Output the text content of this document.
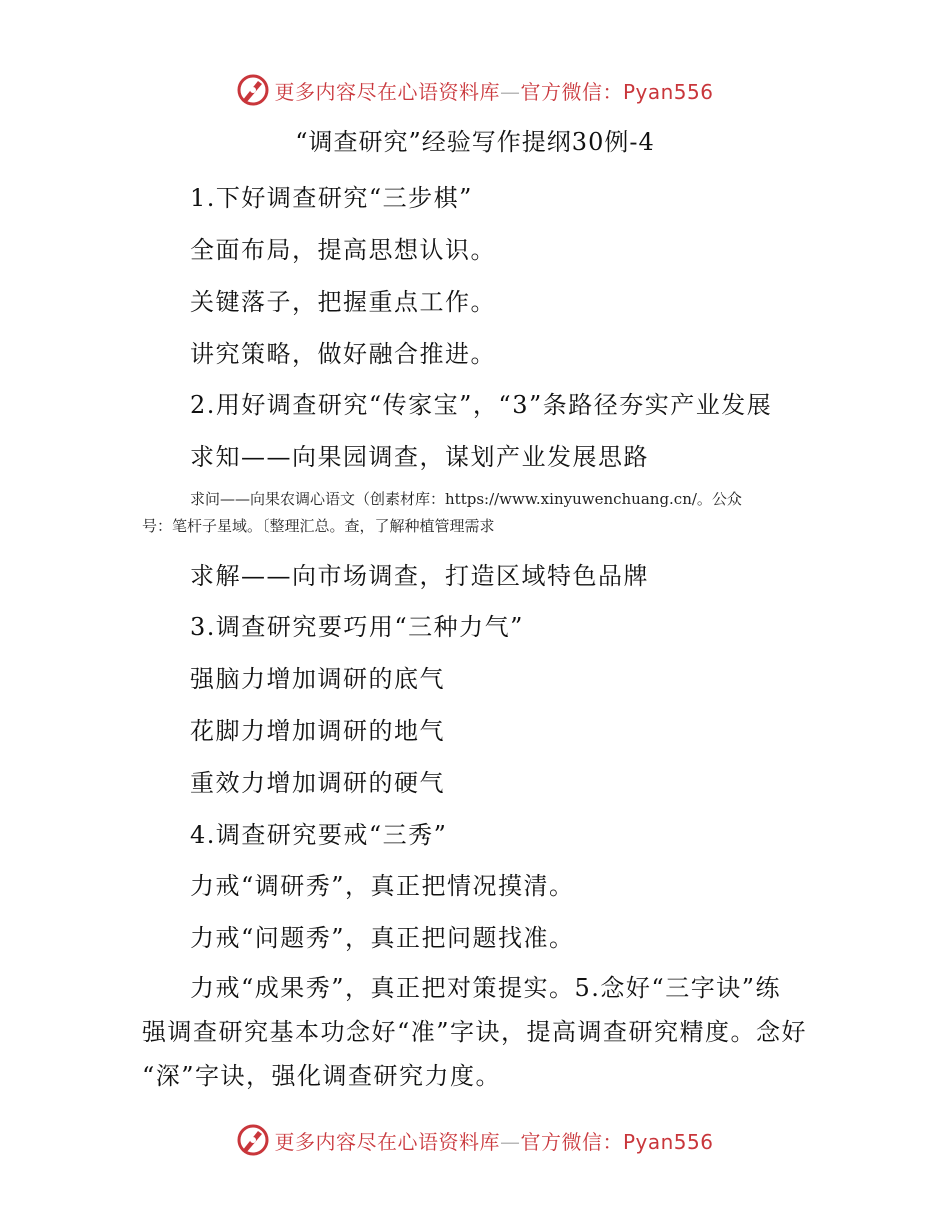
更多内容尽在心语资料库—官方微信：Pyan556
“调查研究”经验写作提纲30例-4
1.下好调查研究“三步棋”
全面布局，提高思想认识。
关键落子，把握重点工作。
讲究策略，做好融合推进。
2.用好调查研究“传家宝”，“3”条路径夯实产业发展
求知——向果园调查，谋划产业发展思路
求问——向果农调心语文（创素材库：https://www.xinyuwenchuang.cn/。公众
号：笔杆子星域。〔整理汇总。查，了解种植管理需求
求解——向市场调查，打造区域特色品牌
3.调查研究要巧用“三种力气”
强脑力增加调研的底气
花脚力增加调研的地气
重效力增加调研的硬气
4.调查研究要戒“三秀”
力戒“调研秀”，真正把情况摸清。
力戒“问题秀”，真正把问题找准。
力戒“成果秀”，真正把对策提实。5.念好“三字诀”练
强调查研究基本功念好“准”字诀，提高调查研究精度。念好
“深”字诀，强化调查研究力度。
更多内容尽在心语资料库—官方微信：Pyan556
